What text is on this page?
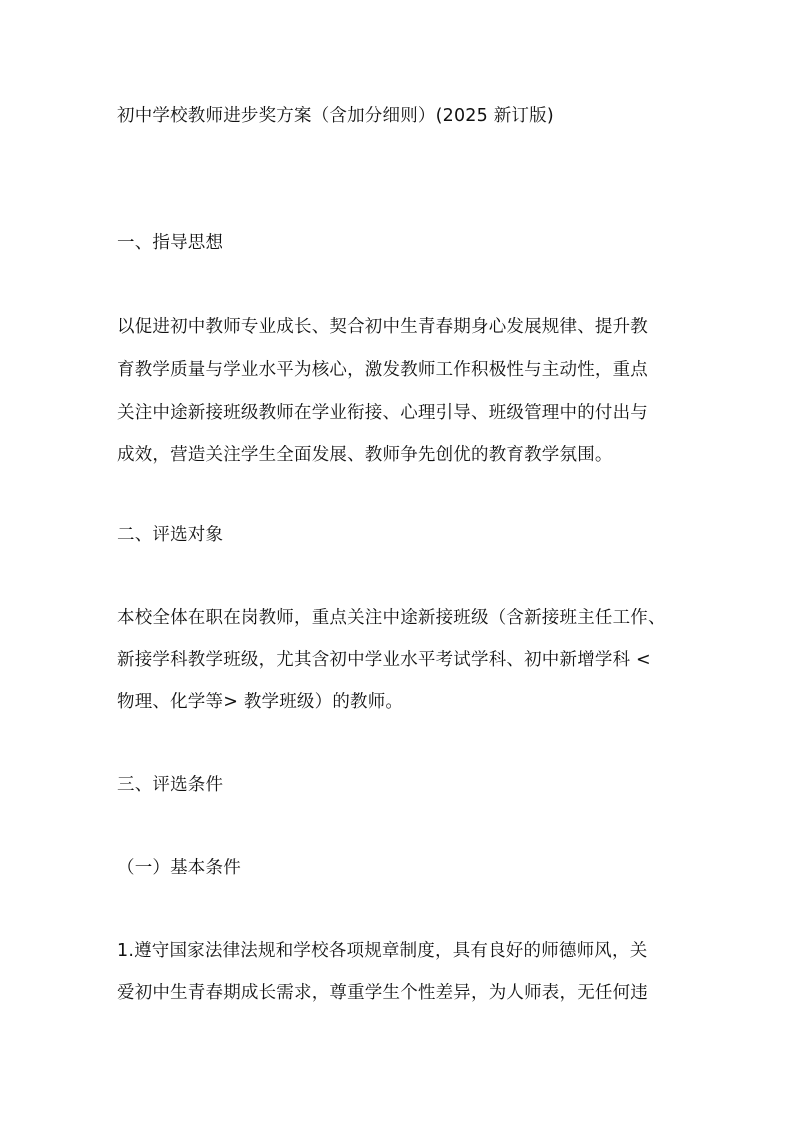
初中学校教师进步奖方案（含加分细则）(2025 新订版)
一、指导思想
以促进初中教师专业成长、契合初中生青春期身心发展规律、提升教
育教学质量与学业水平为核心，激发教师工作积极性与主动性，重点
关注中途新接班级教师在学业衔接、心理引导、班级管理中的付出与
成效，营造关注学生全面发展、教师争先创优的教育教学氛围。
二、评选对象
本校全体在职在岗教师，重点关注中途新接班级（含新接班主任工作、
新接学科教学班级，尤其含初中学业水平考试学科、初中新增学科 <
物理、化学等> 教学班级）的教师。
三、评选条件
（一）基本条件
1.遵守国家法律法规和学校各项规章制度，具有良好的师德师风，关
爱初中生青春期成长需求，尊重学生个性差异，为人师表，无任何违
